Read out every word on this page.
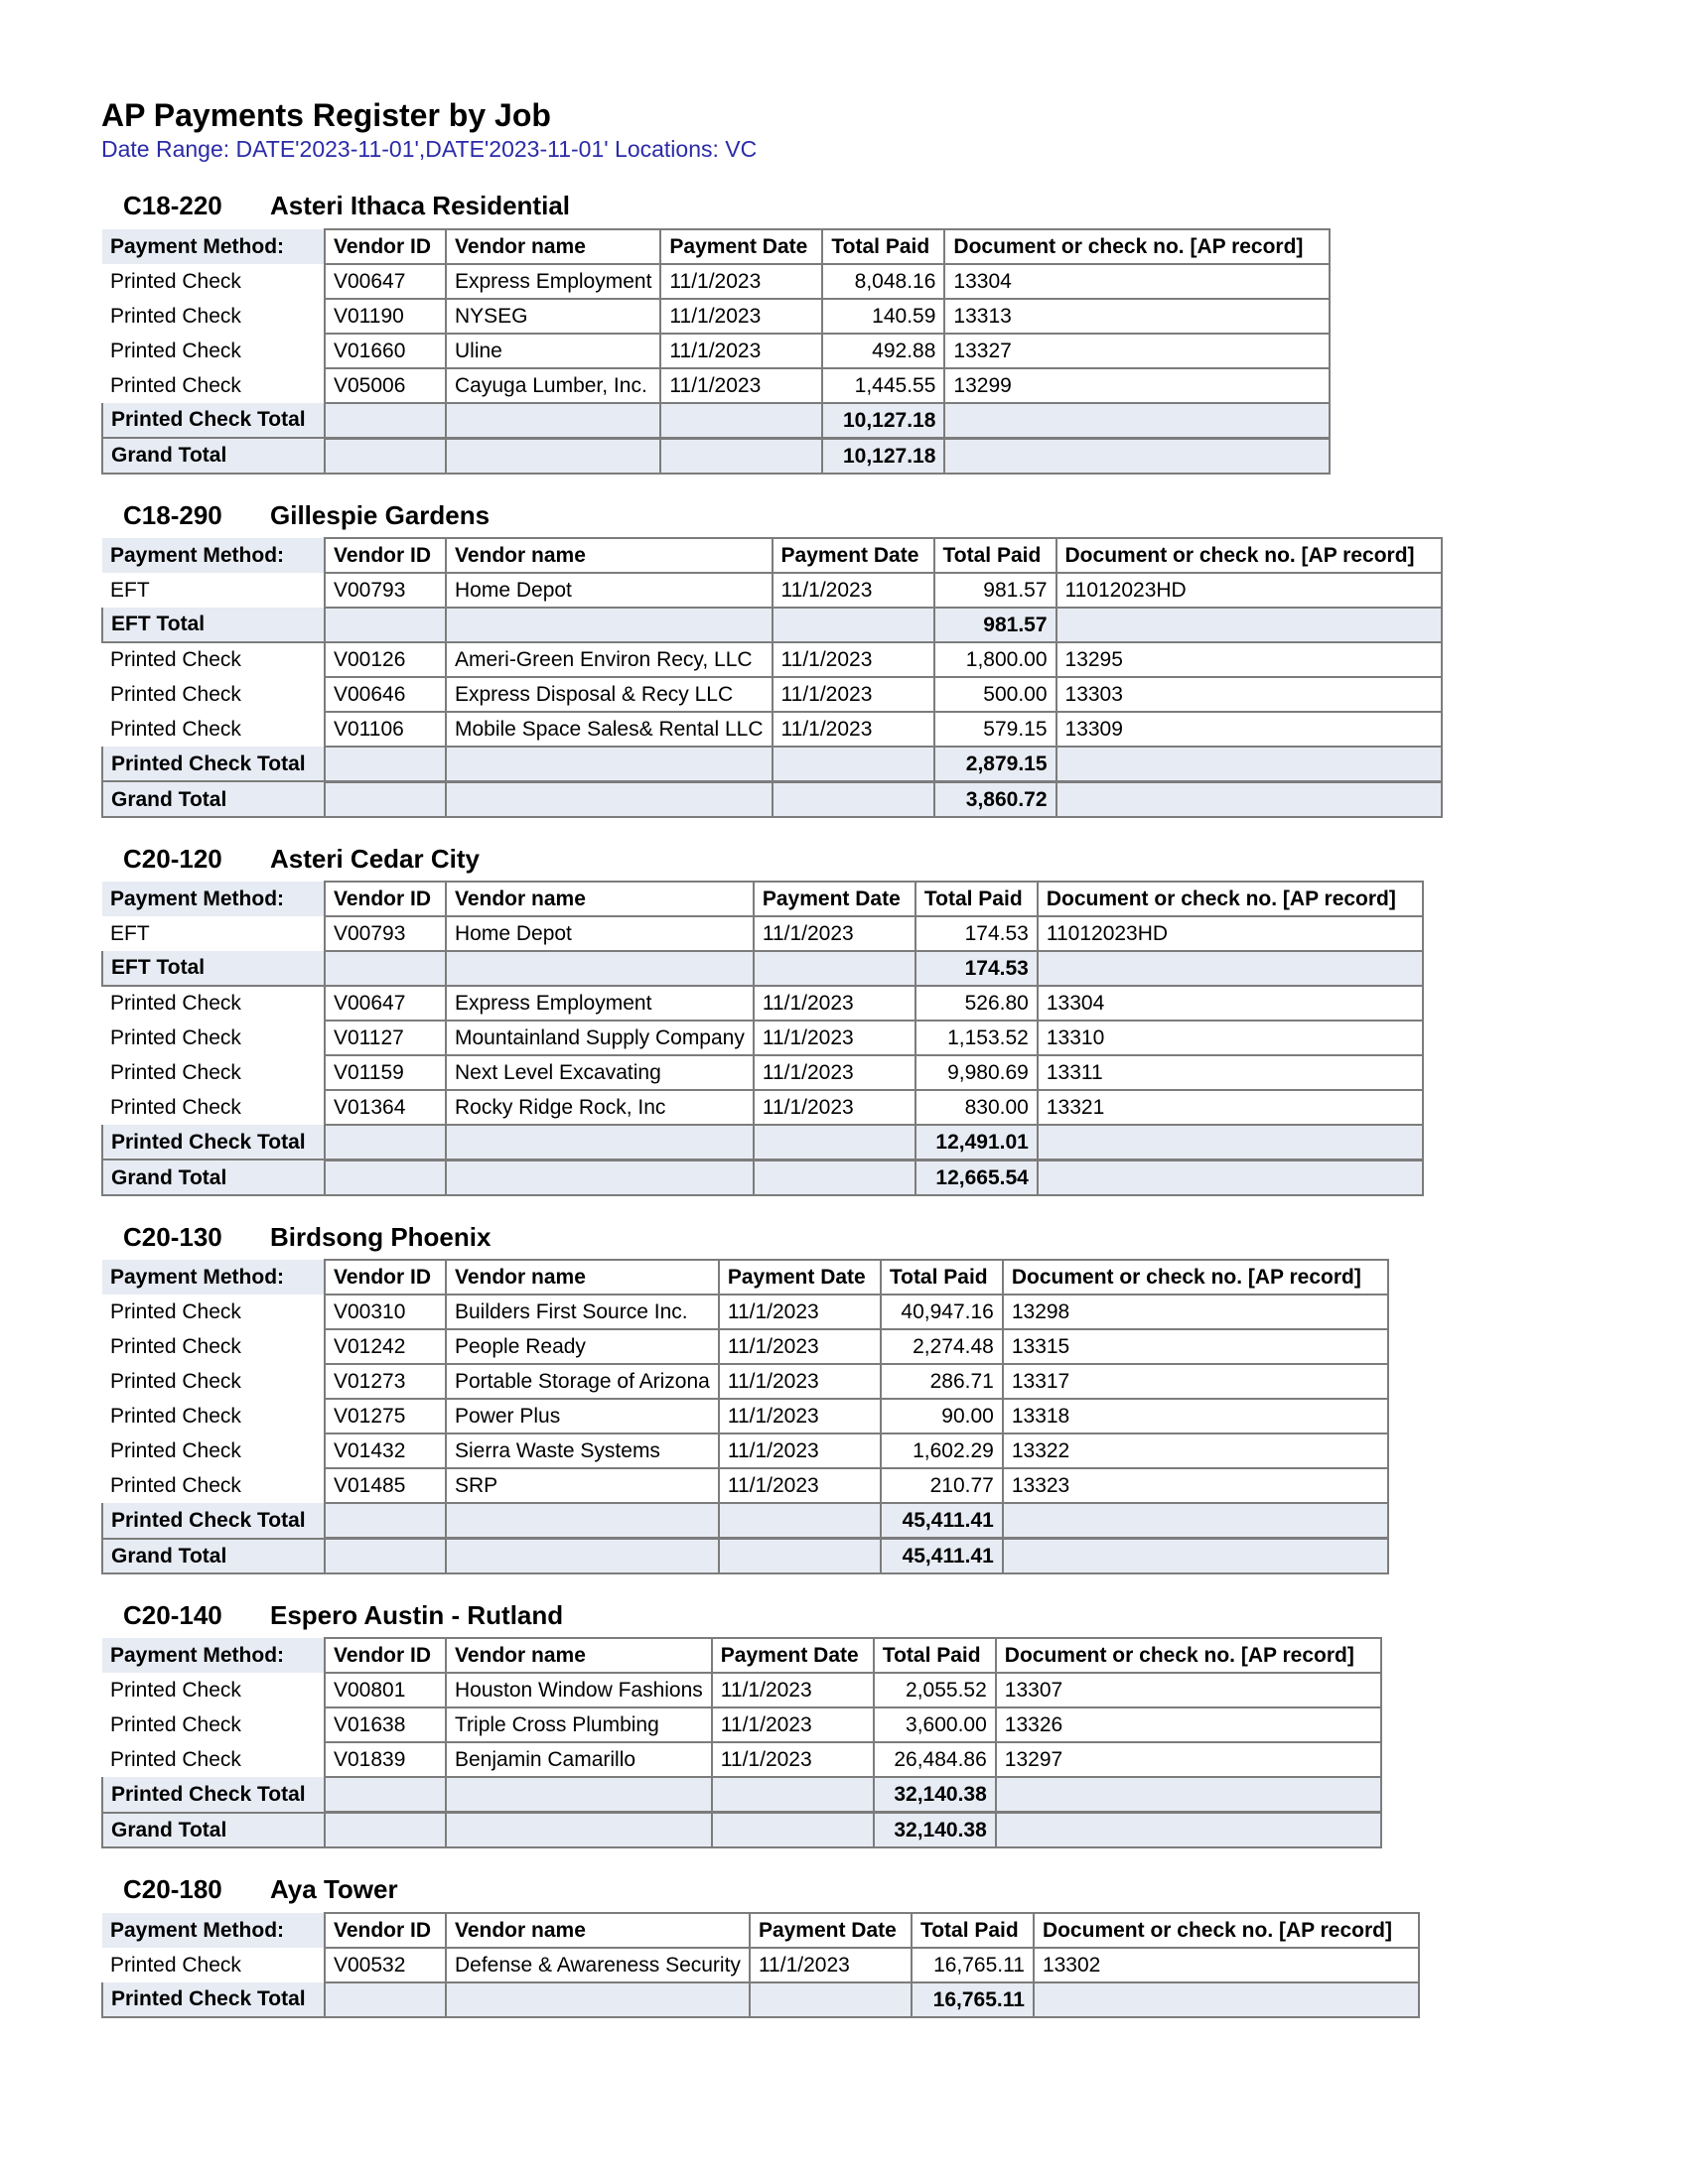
AP Payments Register by Job

Date Range: DATE'2023-11-01',DATE'2023-11-01' Locations: VC

C18-220 Asteri Ithaca Residential
Payment Method:	Vendor ID	Vendor name	Payment Date	Total Paid	Document or check no. [AP record]
Printed Check	V00647	Express Employment	11/1/2023	8,048.16	13304
Printed Check	V01190	NYSEG	11/1/2023	140.59	13313
Printed Check	V01660	Uline	11/1/2023	492.88	13327
Printed Check	V05006	Cayuga Lumber, Inc.	11/1/2023	1,445.55	13299
Printed Check Total				10,127.18	
Grand Total				10,127.18	
C18-290 Gillespie Gardens
Payment Method:	Vendor ID	Vendor name	Payment Date	Total Paid	Document or check no. [AP record]
EFT	V00793	Home Depot	11/1/2023	981.57	11012023HD
EFT Total				981.57	
Printed Check	V00126	Ameri-Green Environ Recy, LLC	11/1/2023	1,800.00	13295
Printed Check	V00646	Express Disposal & Recy LLC	11/1/2023	500.00	13303
Printed Check	V01106	Mobile Space Sales& Rental LLC	11/1/2023	579.15	13309
Printed Check Total				2,879.15	
Grand Total				3,860.72	
C20-120 Asteri Cedar City
Payment Method:	Vendor ID	Vendor name	Payment Date	Total Paid	Document or check no. [AP record]
EFT	V00793	Home Depot	11/1/2023	174.53	11012023HD
EFT Total				174.53	
Printed Check	V00647	Express Employment	11/1/2023	526.80	13304
Printed Check	V01127	Mountainland Supply Company	11/1/2023	1,153.52	13310
Printed Check	V01159	Next Level Excavating	11/1/2023	9,980.69	13311
Printed Check	V01364	Rocky Ridge Rock, Inc	11/1/2023	830.00	13321
Printed Check Total				12,491.01	
Grand Total				12,665.54	
C20-130 Birdsong Phoenix
Payment Method:	Vendor ID	Vendor name	Payment Date	Total Paid	Document or check no. [AP record]
Printed Check	V00310	Builders First Source Inc.	11/1/2023	40,947.16	13298
Printed Check	V01242	People Ready	11/1/2023	2,274.48	13315
Printed Check	V01273	Portable Storage of Arizona	11/1/2023	286.71	13317
Printed Check	V01275	Power Plus	11/1/2023	90.00	13318
Printed Check	V01432	Sierra Waste Systems	11/1/2023	1,602.29	13322
Printed Check	V01485	SRP	11/1/2023	210.77	13323
Printed Check Total				45,411.41	
Grand Total				45,411.41	
C20-140 Espero Austin - Rutland
Payment Method:	Vendor ID	Vendor name	Payment Date	Total Paid	Document or check no. [AP record]
Printed Check	V00801	Houston Window Fashions	11/1/2023	2,055.52	13307
Printed Check	V01638	Triple Cross Plumbing	11/1/2023	3,600.00	13326
Printed Check	V01839	Benjamin Camarillo	11/1/2023	26,484.86	13297
Printed Check Total				32,140.38	
Grand Total				32,140.38	
C20-180 Aya Tower
Payment Method:	Vendor ID	Vendor name	Payment Date	Total Paid	Document or check no. [AP record]
Printed Check	V00532	Defense & Awareness Security	11/1/2023	16,765.11	13302
Printed Check Total				16,765.11	
